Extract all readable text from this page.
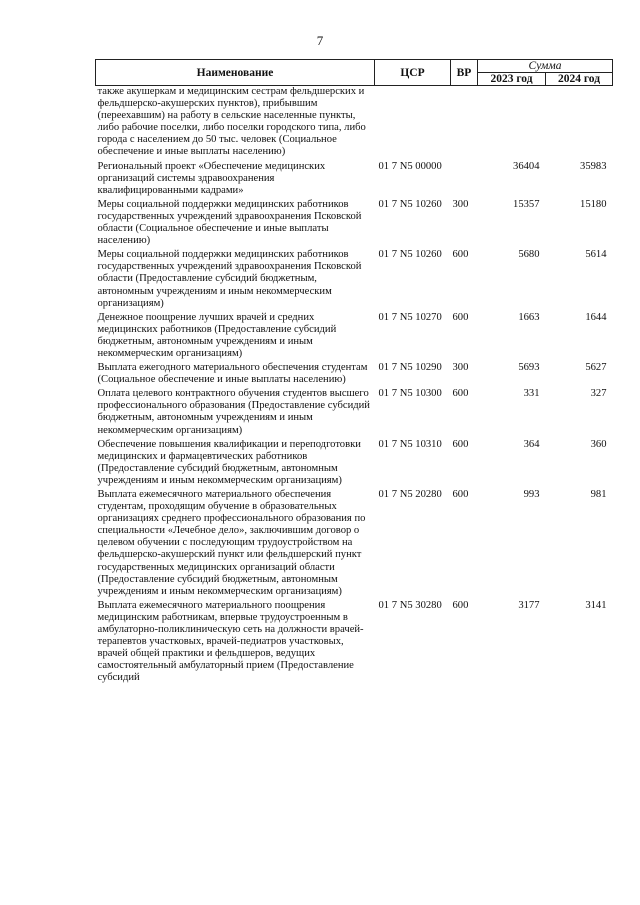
7
Наименование	ЦСР	ВР	Сумма	
			2023 год	2024 год
также акушеркам и медицинским сестрам фельдшерских и фельдшерско-акушерских пунктов), прибывшим (переехавшим) на работу в сельские населенные пункты, либо рабочие поселки, либо поселки городского типа, либо города с населением до 50 тыс. человек (Социальное обеспечение и иные выплаты населению)				
Региональный проект «Обеспечение медицинских организаций системы здравоохранения квалифицированными кадрами»	01 7 N5 00000		36404	35983
Меры социальной поддержки медицинских работников государственных учреждений здравоохранения Псковской области (Социальное обеспечение и иные выплаты населению)	01 7 N5 10260	300	15357	15180
Меры социальной поддержки медицинских работников государственных учреждений здравоохранения Псковской области (Предоставление субсидий бюджетным, автономным учреждениям и иным некоммерческим организациям)	01 7 N5 10260	600	5680	5614
Денежное поощрение лучших врачей и средних медицинских работников (Предоставление субсидий бюджетным, автономным учреждениям и иным некоммерческим организациям)	01 7 N5 10270	600	1663	1644
Выплата ежегодного материального обеспечения студентам (Социальное обеспечение и иные выплаты населению)	01 7 N5 10290	300	5693	5627
Оплата целевого контрактного обучения студентов высшего профессионального образования (Предоставление субсидий бюджетным, автономным учреждениям и иным некоммерческим организациям)	01 7 N5 10300	600	331	327
Обеспечение повышения квалификации и переподготовки медицинских и фармацевтических работников (Предоставление субсидий бюджетным, автономным учреждениям и иным некоммерческим организациям)	01 7 N5 10310	600	364	360
Выплата ежемесячного материального обеспечения студентам, проходящим обучение в образовательных организациях среднего профессионального образования по специальности «Лечебное дело», заключившим договор о целевом обучении с последующим трудоустройством на фельдшерско-акушерский пункт или фельдшерский пункт государственных медицинских организаций области (Предоставление субсидий бюджетным, автономным учреждениям и иным некоммерческим организациям)	01 7 N5 20280	600	993	981
Выплата ежемесячного материального поощрения медицинским работникам, впервые трудоустроенным в амбулаторно-поликлиническую сеть на должности врачей-терапевтов участковых, врачей-педиатров участковых, врачей общей практики и фельдшеров, ведущих самостоятельный амбулаторный прием (Предоставление субсидий	01 7 N5 30280	600	3177	3141
